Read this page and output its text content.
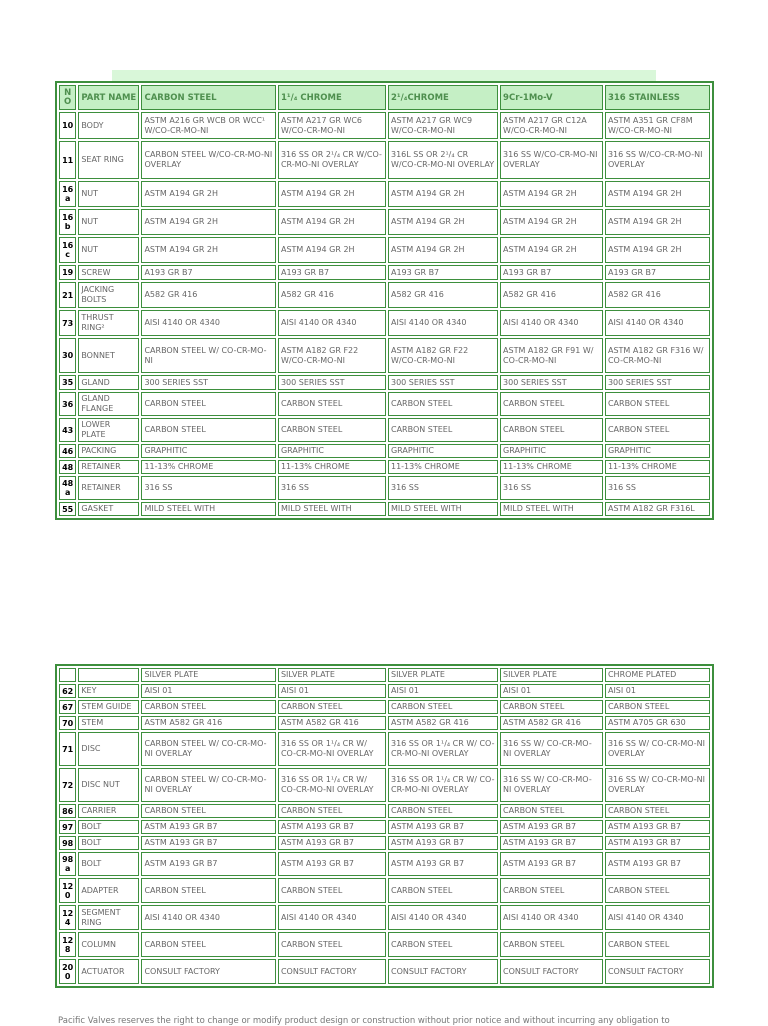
N O	PART NAME	CARBON STEEL	1¹/₄ CHROME	2¹/₄CHROME	9Cr-1Mo-V	316 STAINLESS
10	BODY	ASTM A216 GR WCB OR WCC¹ W/CO-CR-MO-NI	ASTM A217 GR WC6 W/CO-CR-MO-NI	ASTM A217 GR WC9 W/CO-CR-MO-NI	ASTM A217 GR C12A W/CO-CR-MO-NI	ASTM A351 GR CF8M W/CO-CR-MO-NI
11	SEAT RING	CARBON STEEL W/CO-CR-MO-NI OVERLAY	316 SS OR 2¹/₄ CR W/CO-CR-MO-NI OVERLAY	316L SS OR 2¹/₄ CR W/CO-CR-MO-NI OVERLAY	316 SS W/CO-CR-MO-NI OVERLAY	316 SS W/CO-CR-MO-NI OVERLAY
16 a	NUT	ASTM A194 GR 2H	ASTM A194 GR 2H	ASTM A194 GR 2H	ASTM A194 GR 2H	ASTM A194 GR 2H
16 b	NUT	ASTM A194 GR 2H	ASTM A194 GR 2H	ASTM A194 GR 2H	ASTM A194 GR 2H	ASTM A194 GR 2H
16 c	NUT	ASTM A194 GR 2H	ASTM A194 GR 2H	ASTM A194 GR 2H	ASTM A194 GR 2H	ASTM A194 GR 2H
19	SCREW	A193 GR B7	A193 GR B7	A193 GR B7	A193 GR B7	A193 GR B7
21	JACKING BOLTS	A582 GR 416	A582 GR 416	A582 GR 416	A582 GR 416	A582 GR 416
73	THRUST RING²	AISI 4140 OR 4340	AISI 4140 OR 4340	AISI 4140 OR 4340	AISI 4140 OR 4340	AISI 4140 OR 4340
30	BONNET	CARBON STEEL W/ CO-CR-MO-NI	ASTM A182 GR F22 W/CO-CR-MO-NI	ASTM A182 GR F22 W/CO-CR-MO-NI	ASTM A182 GR F91 W/ CO-CR-MO-NI	ASTM A182 GR F316 W/ CO-CR-MO-NI
35	GLAND	300 SERIES SST	300 SERIES SST	300 SERIES SST	300 SERIES SST	300 SERIES SST
36	GLAND FLANGE	CARBON STEEL	CARBON STEEL	CARBON STEEL	CARBON STEEL	CARBON STEEL
43	LOWER PLATE	CARBON STEEL	CARBON STEEL	CARBON STEEL	CARBON STEEL	CARBON STEEL
46	PACKING	GRAPHITIC	GRAPHITIC	GRAPHITIC	GRAPHITIC	GRAPHITIC
48	RETAINER	11-13% CHROME	11-13% CHROME	11-13% CHROME	11-13% CHROME	11-13% CHROME
48 a	RETAINER	316 SS	316 SS	316 SS	316 SS	316 SS
55	GASKET	MILD STEEL WITH	MILD STEEL WITH	MILD STEEL WITH	MILD STEEL WITH	ASTM A182 GR F316L
		SILVER PLATE	SILVER PLATE	SILVER PLATE	SILVER PLATE	CHROME PLATED
62	KEY	AISI 01	AISI 01	AISI 01	AISI 01	AISI 01
67	STEM GUIDE	CARBON STEEL	CARBON STEEL	CARBON STEEL	CARBON STEEL	CARBON STEEL
70	STEM	ASTM A582 GR 416	ASTM A582 GR 416	ASTM A582 GR 416	ASTM A582 GR 416	ASTM A705 GR 630
71	DISC	CARBON STEEL W/ CO-CR-MO-NI OVERLAY	316 SS OR 1¹/₄ CR W/ CO-CR-MO-NI OVERLAY	316 SS OR 1¹/₄ CR W/ CO-CR-MO-NI OVERLAY	316 SS W/ CO-CR-MO-NI OVERLAY	316 SS W/ CO-CR-MO-NI OVERLAY
72	DISC NUT	CARBON STEEL W/ CO-CR-MO-NI OVERLAY	316 SS OR 1¹/₄ CR W/ CO-CR-MO-NI OVERLAY	316 SS OR 1¹/₄ CR W/ CO-CR-MO-NI OVERLAY	316 SS W/ CO-CR-MO-NI OVERLAY	316 SS W/ CO-CR-MO-NI OVERLAY
86	CARRIER	CARBON STEEL	CARBON STEEL	CARBON STEEL	CARBON STEEL	CARBON STEEL
97	BOLT	ASTM A193 GR B7	ASTM A193 GR B7	ASTM A193 GR B7	ASTM A193 GR B7	ASTM A193 GR B7
98	BOLT	ASTM A193 GR B7	ASTM A193 GR B7	ASTM A193 GR B7	ASTM A193 GR B7	ASTM A193 GR B7
98 a	BOLT	ASTM A193 GR B7	ASTM A193 GR B7	ASTM A193 GR B7	ASTM A193 GR B7	ASTM A193 GR B7
12 0	ADAPTER	CARBON STEEL	CARBON STEEL	CARBON STEEL	CARBON STEEL	CARBON STEEL
12 4	SEGMENT RING	AISI 4140 OR 4340	AISI 4140 OR 4340	AISI 4140 OR 4340	AISI 4140 OR 4340	AISI 4140 OR 4340
12 8	COLUMN	CARBON STEEL	CARBON STEEL	CARBON STEEL	CARBON STEEL	CARBON STEEL
20 0	ACTUATOR	CONSULT FACTORY	CONSULT FACTORY	CONSULT FACTORY	CONSULT FACTORY	CONSULT FACTORY
Pacific Valves reserves the right to change or modify product design or construction without prior notice and without incurring any obligation to
